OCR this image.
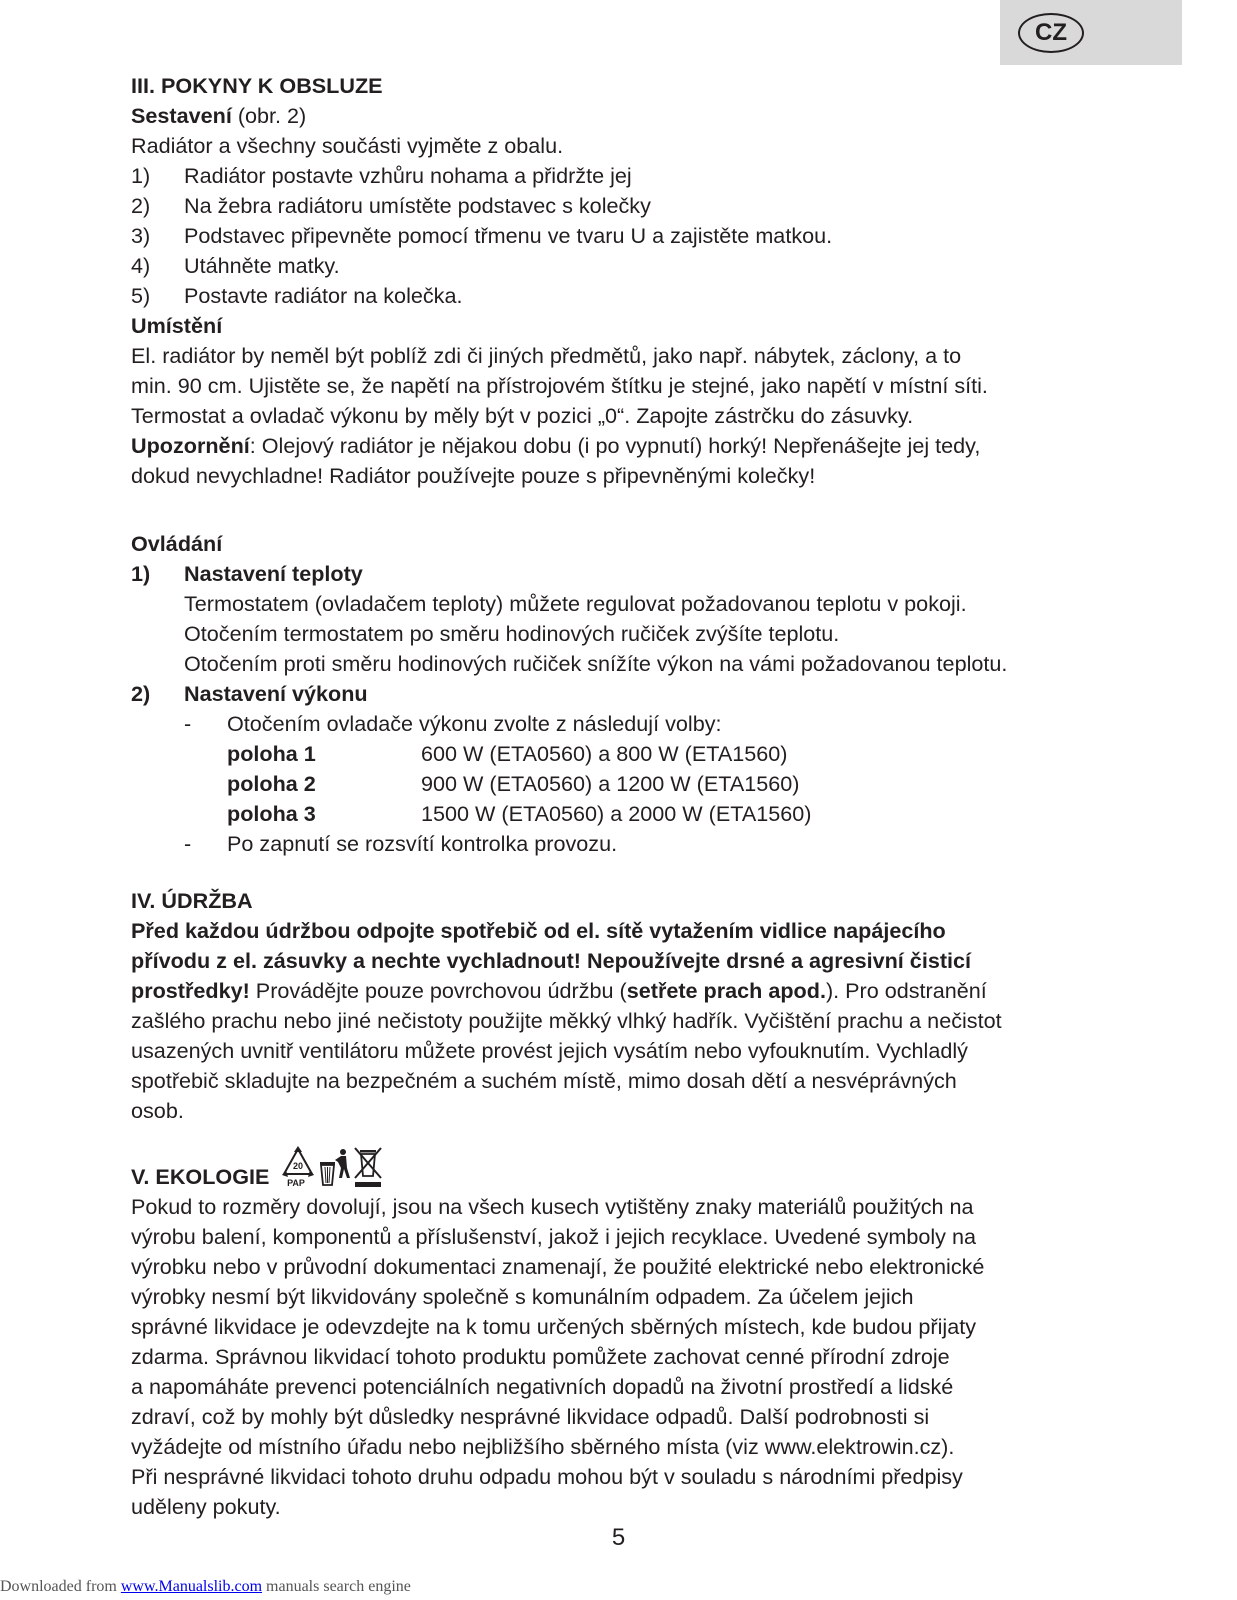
CZ
III. POKYNY K OBSLUZE
Sestavení (obr. 2)
Radiátor a všechny součásti vyjměte z obalu.
1) Radiátor postavte vzhůru nohama a přidržte jej
2) Na žebra radiátoru umístěte podstavec s kolečky
3) Podstavec připevněte pomocí třmenu ve tvaru U a zajistěte matkou.
4) Utáhněte matky.
5) Postavte radiátor na kolečka.
Umístění
El. radiátor by neměl být poblíž zdi či jiných předmětů, jako např. nábytek, záclony, a to
min. 90 cm. Ujistěte se, že napětí na přístrojovém štítku je stejné, jako napětí v místní síti.
Termostat a ovladač výkonu by měly být v pozici „0“. Zapojte zástrčku do zásuvky.
Upozornění: Olejový radiátor je nějakou dobu (i po vypnutí) horký! Nepřenášejte jej tedy,
dokud nevychladne! Radiátor používejte pouze s připevněnými kolečky!
Ovládání
1) Nastavení teploty
Termostatem (ovladačem teploty) můžete regulovat požadovanou teplotu v pokoji.
Otočením termostatem po směru hodinových ručiček zvýšíte teplotu.
Otočením proti směru hodinových ručiček snížíte výkon na vámi požadovanou teplotu.
2) Nastavení výkonu
- Otočením ovladače výkonu zvolte z následují volby:
poloha 1	600 W (ETA0560) a 800 W (ETA1560)
poloha 2	900 W (ETA0560) a 1200 W (ETA1560)
poloha 3	1500 W (ETA0560) a 2000 W (ETA1560)
- Po zapnutí se rozsvítí kontrolka provozu.
IV. ÚDRŽBA
Před každou údržbou odpojte spotřebič od el. sítě vytažením vidlice napájecího
přívodu z el. zásuvky a nechte vychladnout! Nepoužívejte drsné a agresivní čisticí
prostředky! Provádějte pouze povrchovou údržbu (setřete prach apod.). Pro odstranění
zašlého prachu nebo jiné nečistoty použijte měkký vlhký hadřík. Vyčištění prachu a nečistot
usazených uvnitř ventilátoru můžete provést jejich vysátím nebo vyfouknutím. Vychladlý
spotřebič skladujte na bezpečném a suchém místě, mimo dosah dětí a nesvéprávných
osob.
V. EKOLOGIE	20
PAP
Pokud to rozměry dovolují, jsou na všech kusech vytištěny znaky materiálů použitých na
výrobu balení, komponentů a příslušenství, jakož i jejich recyklace. Uvedené symboly na
výrobku nebo v průvodní dokumentaci znamenají, že použité elektrické nebo elektronické
výrobky nesmí být likvidovány společně s komunálním odpadem. Za účelem jejich
správné likvidace je odevzdejte na k tomu určených sběrných místech, kde budou přijaty
zdarma. Správnou likvidací tohoto produktu pomůžete zachovat cenné přírodní zdroje
a napomáháte prevenci potenciálních negativních dopadů na životní prostředí a lidské
zdraví, což by mohly být důsledky nesprávné likvidace odpadů. Další podrobnosti si
vyžádejte od místního úřadu nebo nejbližšího sběrného místa (viz www.elektrowin.cz).
Při nesprávné likvidaci tohoto druhu odpadu mohou být v souladu s národními předpisy
uděleny pokuty.
5
Downloaded from www.Manualslib.com manuals search engine
